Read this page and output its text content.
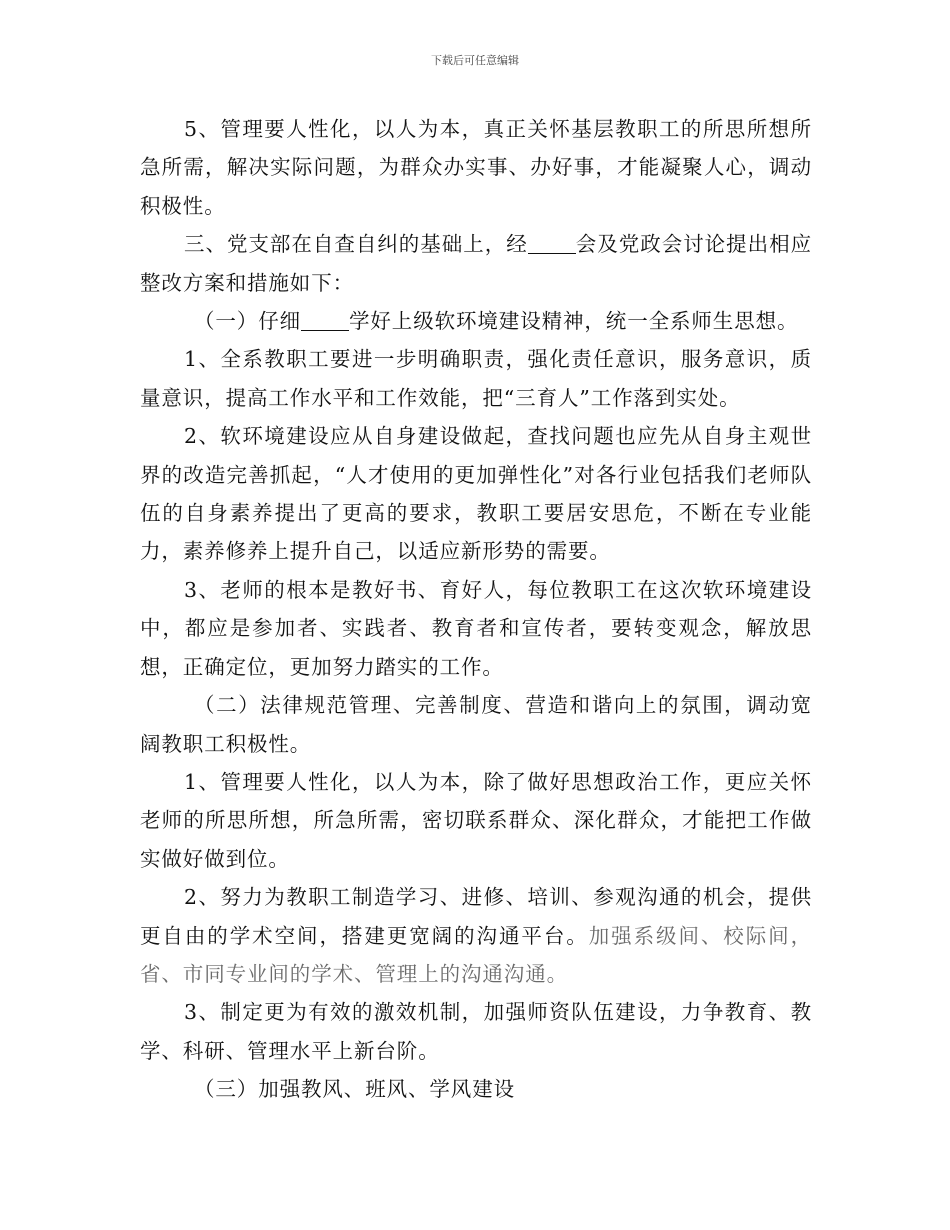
下载后可任意编辑

5、管理要人性化，以人为本，真正关怀基层教职工的所思所想所急所需，解决实际问题，为群众办实事、办好事，才能凝聚人心，调动积极性。

三、党支部在自查自纠的基础上，经 会及党政会讨论提出相应整改方案和措施如下：

（一）仔细 学好上级软环境建设精神，统一全系师生思想。

1、全系教职工要进一步明确职责，强化责任意识，服务意识，质量意识，提高工作水平和工作效能，把“三育人”工作落到实处。

2、软环境建设应从自身建设做起，查找问题也应先从自身主观世界的改造完善抓起，“人才使用的更加弹性化”对各行业包括我们老师队伍的自身素养提出了更高的要求，教职工要居安思危，不断在专业能力，素养修养上提升自己，以适应新形势的需要。

3、老师的根本是教好书、育好人，每位教职工在这次软环境建设中，都应是参加者、实践者、教育者和宣传者，要转变观念，解放思想，正确定位，更加努力踏实的工作。

（二）法律规范管理、完善制度、营造和谐向上的氛围，调动宽阔教职工积极性。

1、管理要人性化，以人为本，除了做好思想政治工作，更应关怀老师的所思所想，所急所需，密切联系群众、深化群众，才能把工作做实做好做到位。

2、努力为教职工制造学习、进修、培训、参观沟通的机会，提供更自由的学术空间，搭建更宽阔的沟通平台。加强系级间、校际间，省、市同专业间的学术、管理上的沟通沟通。

3、制定更为有效的激效机制，加强师资队伍建设，力争教育、教学、科研、管理水平上新台阶。

（三）加强教风、班风、学风建设
